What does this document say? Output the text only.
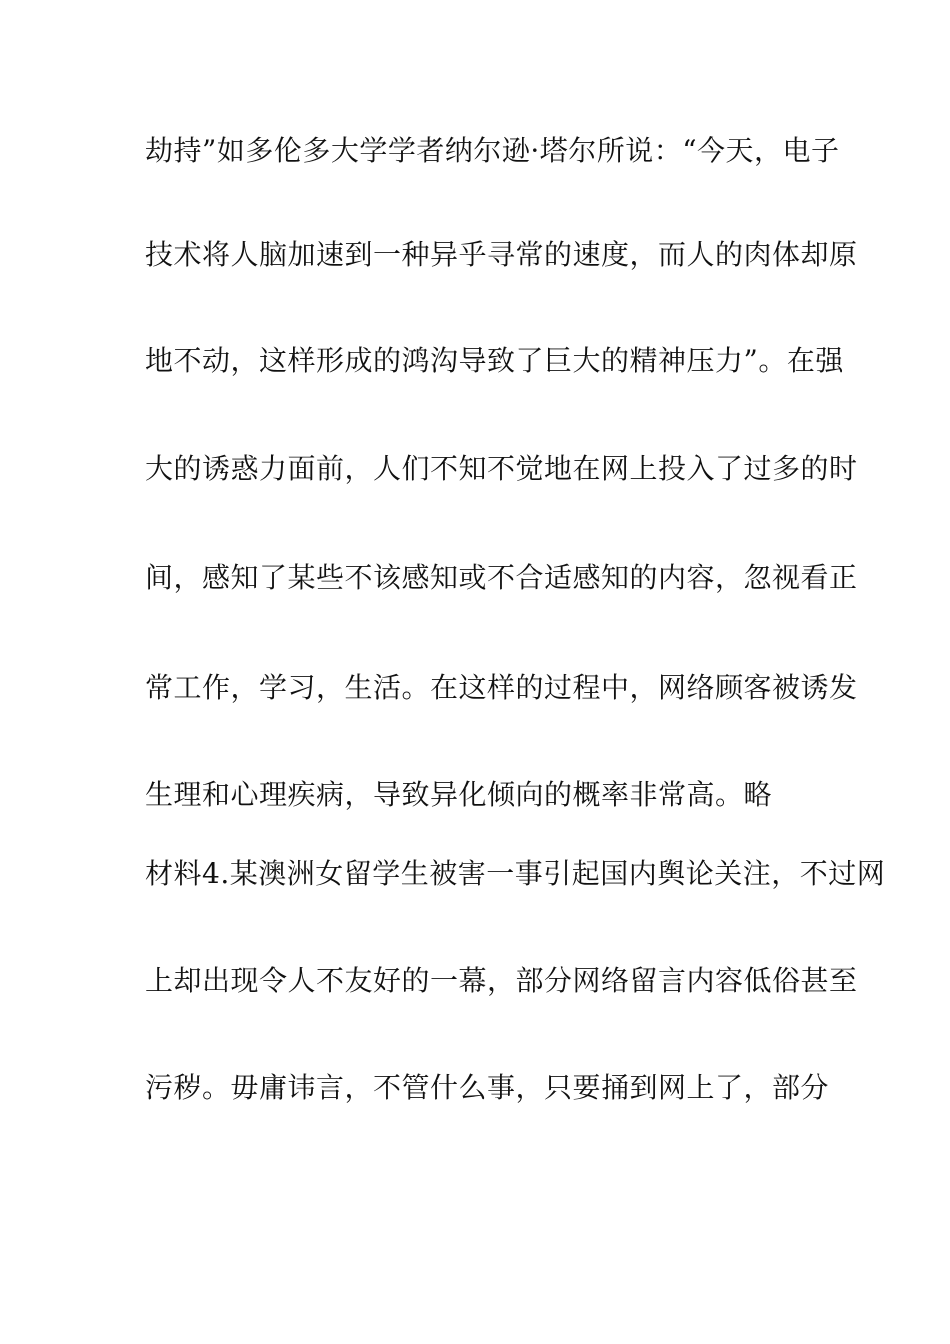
劫持”如多伦多大学学者纳尔逊·塔尔所说：“今天，电子
技术将人脑加速到一种异乎寻常的速度，而人的肉体却原
地不动，这样形成的鸿沟导致了巨大的精神压力”。在强
大的诱惑力面前，人们不知不觉地在网上投入了过多的时
间，感知了某些不该感知或不合适感知的内容，忽视看正
常工作，学习，生活。在这样的过程中，网络顾客被诱发
生理和心理疾病，导致异化倾向的概率非常高。略
材料4.某澳洲女留学生被害一事引起国内舆论关注，不过网
上却出现令人不友好的一幕，部分网络留言内容低俗甚至
污秽。毋庸讳言，不管什么事，只要捅到网上了，部分
